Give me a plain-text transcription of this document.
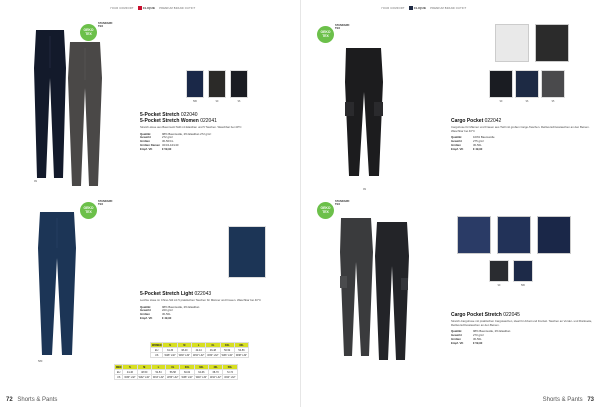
YOUR COMFORT	CLIQUE PREMIUM BRAND OUTFIT
OEKO
TEX
STANDARD
TEX
99
580	99	96
5-Pocket Stretch 022040
5-Pocket Stretch Women 022041
Stretch-Hose aus Baumwoll-Twill mit Elasthan und 5 Taschen. Waschbar bei 40°C
Qualität	98% Baumwolle, 2% Elasthan 272 g/m²
Gewicht	272 g/m²
Größen	30-50/CL
Größen Damen 32/34-44/L30
Empf. VK	€ 59,90
OEKO
TEX
STANDARD
TEX
580
5-Pocket Stretch Light 022043
Leichte Hose im Chino-Stil mit 5 praktischen Taschen für Männer und Frauen. Waschbar bei 40°C
Qualität	98% Baumwolle, 2% Elasthan
Gewicht	220 g/m²
Größen	30-50L
Empf. VK	€ 49,90
WOMEN	S	M	L	XL	XXL	3XL
EU	34-36	38-40	42-44	46-48	50-52	54-56
US	W28" L32"	W30" L32"	W32" L32"	W34" L32"	W36" L32"	W38" L32"
MEN	S	M	L	XL	XXL	3XL	4XL	5XL
EU	44-46	48-50	52-54	56-58	60-62	64-66	68-70	72-74
US	W30" L32"	W32" L32"	W34" L32"	W36" L32"	W38" L32"	W40" L32"	W42" L32"	W44" L32"
72 Shorts & Pants
YOUR COMFORT	CLIQUE PREMIUM BRAND OUTFIT
OEKO
TEX
STANDARD
TEX
99
99	96	95
Cargo Pocket 022042
Cargohose für Männer und Frauen aus Twill mit großen Cargo-Taschen. Reißverschlusstaschen an den Beinen. Waschbar bei 40°C
Qualität	100% Baumwolle
Gewicht	275 g/m²
Größen	30-50L
Empf. VK	€ 49,90
OEKO
TEX
STANDARD
TEX
99	580
Cargo Pocket Stretch 022045
Stretch-Cargohose mit praktischen Cargotaschen, ideal für Arbeit und Freizeit. Taschen an Vorder- und Rückseite, Reißverschlusstaschen an den Beinen.
Qualität	98% Baumwolle, 2% Elasthan
Gewicht	270 g/m²
Größen	30-50L
Empf. VK	€ 59,90
Shorts & Pants 73
